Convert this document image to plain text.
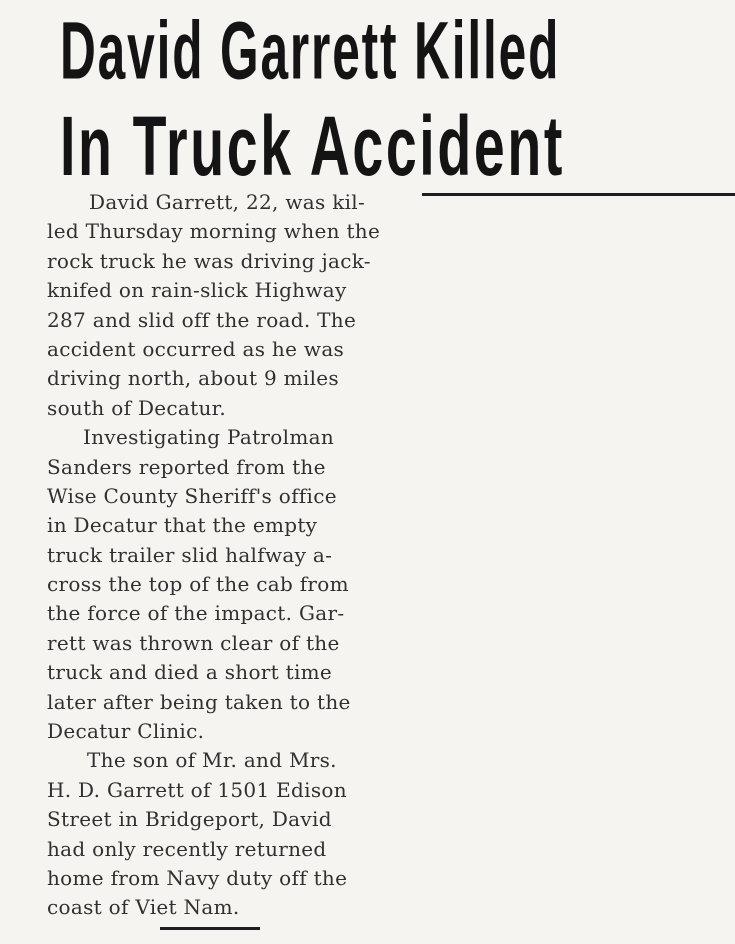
David Garrett Killed
In Truck Accident
David Garrett, 22, was kil-
led Thursday morning when the
rock truck he was driving jack-
knifed on rain-slick Highway
287 and slid off the road. The
accident occurred as he was
driving north, about 9 miles
south of Decatur.
Investigating Patrolman
Sanders reported from the
Wise County Sheriff's office
in Decatur that the empty
truck trailer slid halfway a-
cross the top of the cab from
the force of the impact. Gar-
rett was thrown clear of the
truck and died a short time
later after being taken to the
Decatur Clinic.
The son of Mr. and Mrs.
H. D. Garrett of 1501 Edison
Street in Bridgeport, David
had only recently returned
home from Navy duty off the
coast of Viet Nam.
